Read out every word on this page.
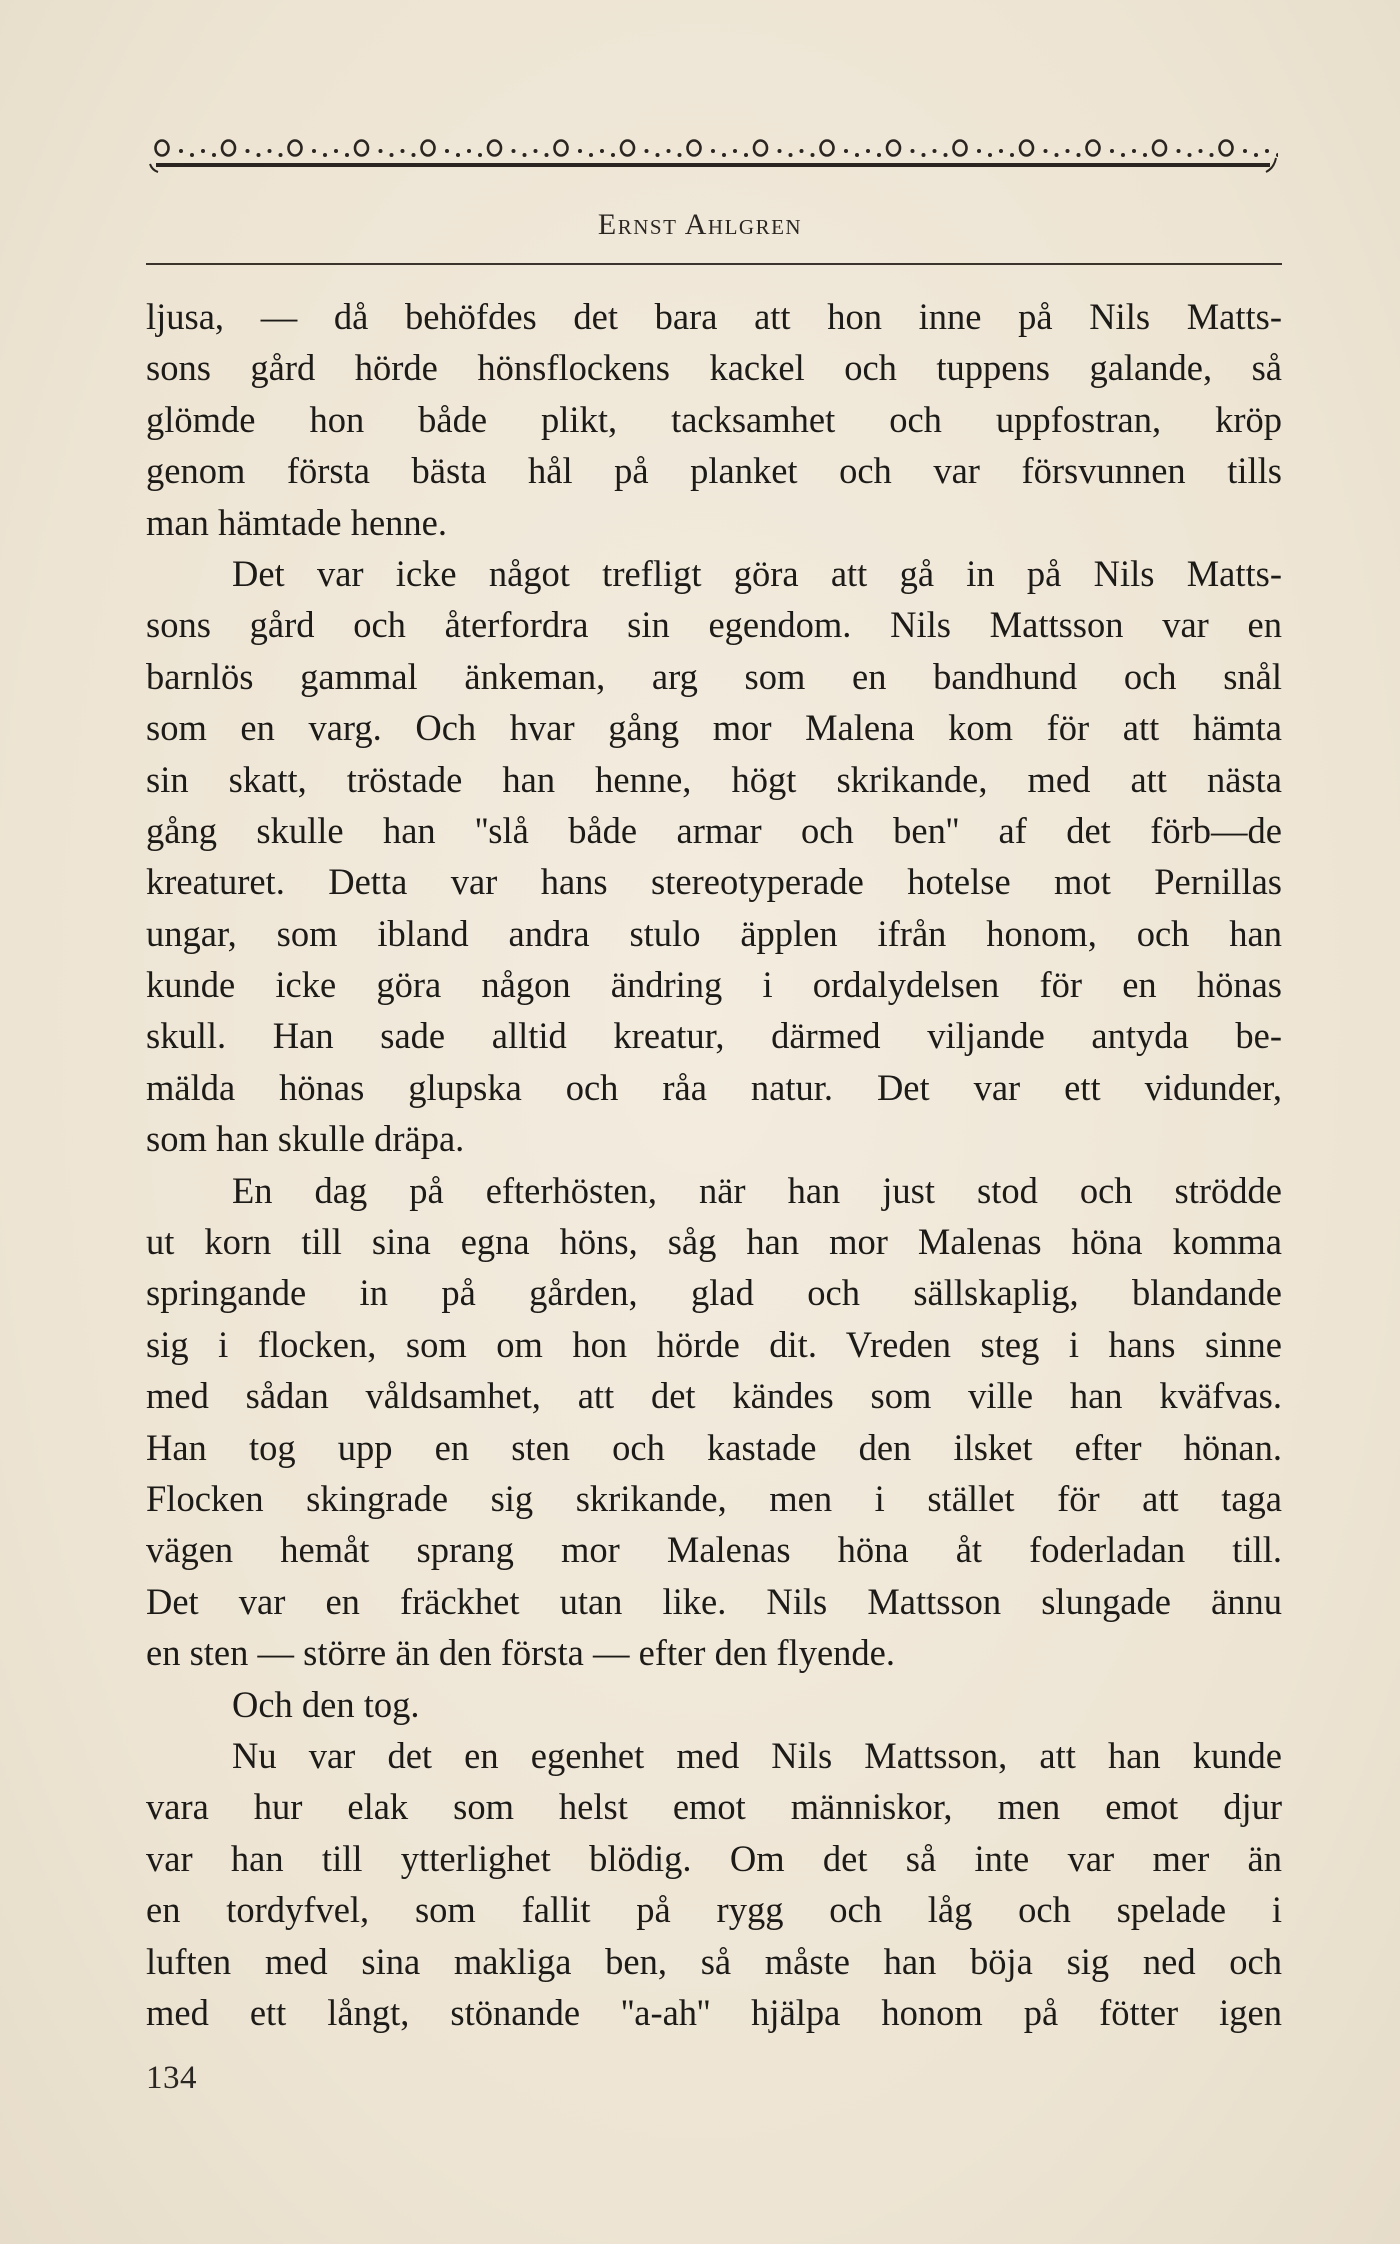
Ernst Ahlgren
ljusa, — då behöfdes det bara att hon inne på Nils Matts-
sons gård hörde hönsflockens kackel och tuppens galande, så
glömde hon både plikt, tacksamhet och uppfostran, kröp
genom första bästa hål på planket och var försvunnen tills
man hämtade henne.
Det var icke något trefligt göra att gå in på Nils Matts-
sons gård och återfordra sin egendom. Nils Mattsson var en
barnlös gammal änkeman, arg som en bandhund och snål
som en varg. Och hvar gång mor Malena kom för att hämta
sin skatt, tröstade han henne, högt skrikande, med att nästa
gång skulle han ''slå både armar och ben'' af det förb—de
kreaturet. Detta var hans stereotyperade hotelse mot Pernillas
ungar, som ibland andra stulo äpplen ifrån honom, och han
kunde icke göra någon ändring i ordalydelsen för en hönas
skull. Han sade alltid kreatur, därmed viljande antyda be-
mälda hönas glupska och råa natur. Det var ett vidunder,
som han skulle dräpa.
En dag på efterhösten, när han just stod och strödde
ut korn till sina egna höns, såg han mor Malenas höna komma
springande in på gården, glad och sällskaplig, blandande
sig i flocken, som om hon hörde dit. Vreden steg i hans sinne
med sådan våldsamhet, att det kändes som ville han kväfvas.
Han tog upp en sten och kastade den ilsket efter hönan.
Flocken skingrade sig skrikande, men i stället för att taga
vägen hemåt sprang mor Malenas höna åt foderladan till.
Det var en fräckhet utan like. Nils Mattsson slungade ännu
en sten — större än den första — efter den flyende.
Och den tog.
Nu var det en egenhet med Nils Mattsson, att han kunde
vara hur elak som helst emot människor, men emot djur
var han till ytterlighet blödig. Om det så inte var mer än
en tordyfvel, som fallit på rygg och låg och spelade i
luften med sina makliga ben, så måste han böja sig ned och
med ett långt, stönande ''a-ah'' hjälpa honom på fötter igen
134
